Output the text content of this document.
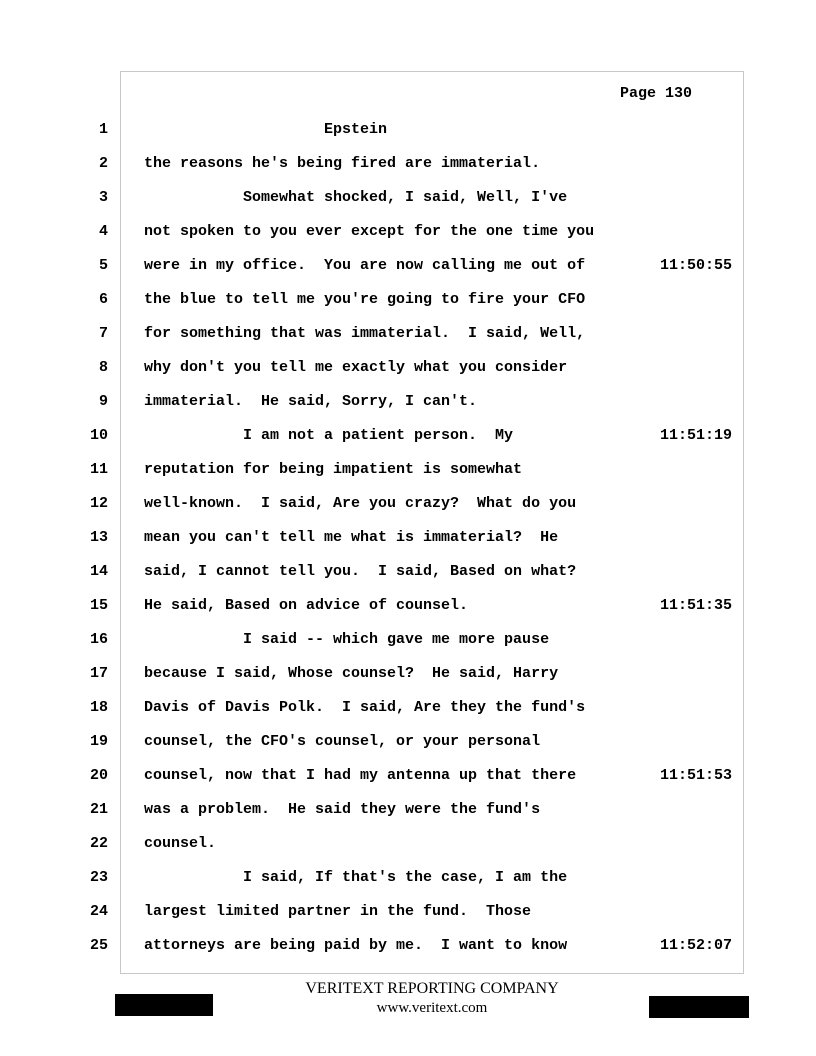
Page 130
1 Epstein
2 the reasons he's being fired are immaterial.
3 Somewhat shocked, I said, Well, I've
4 not spoken to you ever except for the one time you
5 were in my office.  You are now calling me out of	11:50:55
6 the blue to tell me you're going to fire your CFO
7 for something that was immaterial.  I said, Well,
8 why don't you tell me exactly what you consider
9 immaterial.  He said, Sorry, I can't.
10 I am not a patient person.  My	11:51:19
11 reputation for being impatient is somewhat
12 well-known.  I said, Are you crazy?  What do you
13 mean you can't tell me what is immaterial?  He
14 said, I cannot tell you.  I said, Based on what?
15 He said, Based on advice of counsel.	11:51:35
16 I said -- which gave me more pause
17 because I said, Whose counsel?  He said, Harry
18 Davis of Davis Polk.  I said, Are they the fund's
19 counsel, the CFO's counsel, or your personal
20 counsel, now that I had my antenna up that there	11:51:53
21 was a problem.  He said they were the fund's
22 counsel.
23 I said, If that's the case, I am the
24 largest limited partner in the fund.  Those
25 attorneys are being paid by me.  I want to know	11:52:07
VERITEXT REPORTING COMPANY
www.veritext.com
